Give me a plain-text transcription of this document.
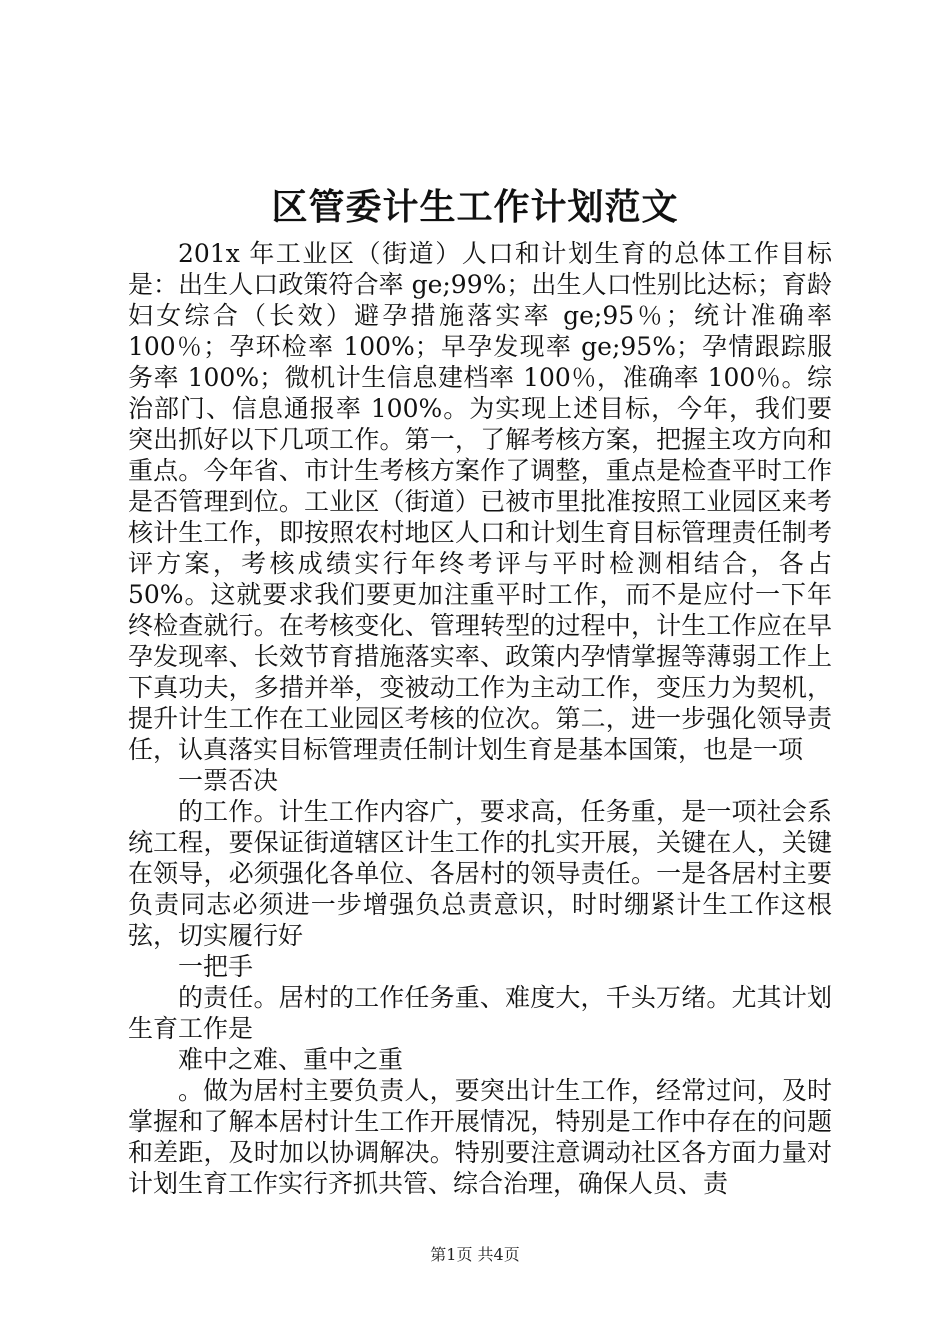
区管委计生工作计划范文

201x 年工业区（街道）人口和计划生育的总体工作目标是：出生人口政策符合率 ge;99%；出生人口性别比达标；育龄妇女综合（长效）避孕措施落实率 ge;95％；统计准确率 100％；孕环检率 100%；早孕发现率 ge;95%；孕情跟踪服务率 100%；微机计生信息建档率 100％，准确率 100％。综治部门、信息通报率 100%。为实现上述目标，今年，我们要突出抓好以下几项工作。第一，了解考核方案，把握主攻方向和重点。今年省、市计生考核方案作了调整，重点是检查平时工作是否管理到位。工业区（街道）已被市里批准按照工业园区来考核计生工作，即按照农村地区人口和计划生育目标管理责任制考评方案，考核成绩实行年终考评与平时检测相结合，各占 50%。这就要求我们要更加注重平时工作，而不是应付一下年终检查就行。在考核变化、管理转型的过程中，计生工作应在早孕发现率、长效节育措施落实率、政策内孕情掌握等薄弱工作上下真功夫，多措并举，变被动工作为主动工作，变压力为契机，提升计生工作在工业园区考核的位次。第二，进一步强化领导责任，认真落实目标管理责任制计划生育是基本国策，也是一项

一票否决

的工作。计生工作内容广，要求高，任务重，是一项社会系统工程，要保证街道辖区计生工作的扎实开展，关键在人，关键在领导，必须强化各单位、各居村的领导责任。一是各居村主要负责同志必须进一步增强负总责意识，时时绷紧计生工作这根弦，切实履行好

一把手

的责任。居村的工作任务重、难度大，千头万绪。尤其计划生育工作是

难中之难、重中之重

。做为居村主要负责人，要突出计生工作，经常过问，及时掌握和了解本居村计生工作开展情况，特别是工作中存在的问题和差距，及时加以协调解决。特别要注意调动社区各方面力量对计划生育工作实行齐抓共管、综合治理，确保人员、责

第1页 共4页
